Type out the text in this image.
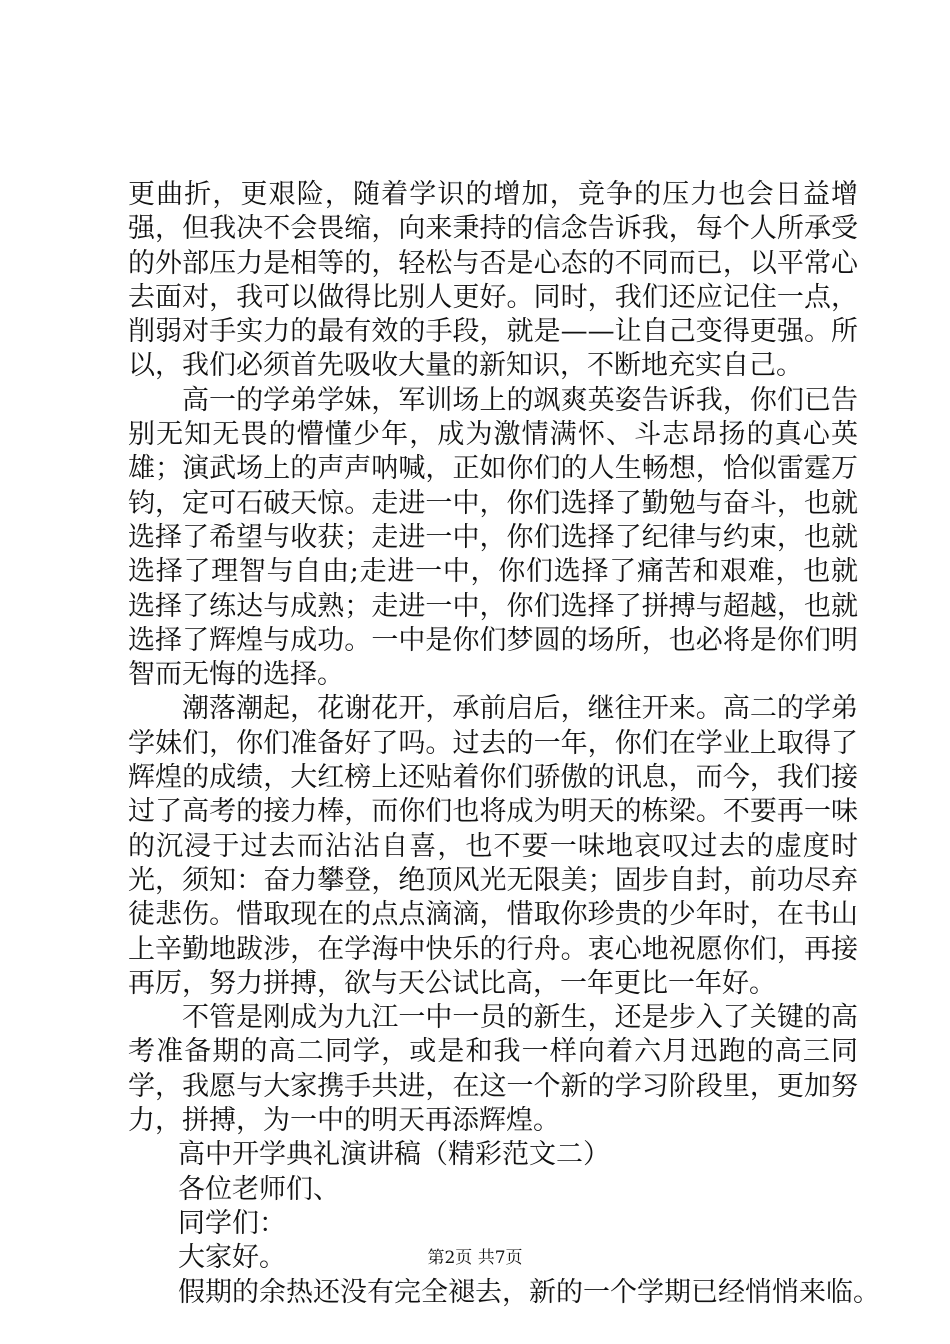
更曲折，更艰险，随着学识的增加，竞争的压力也会日益增强，但我决不会畏缩，向来秉持的信念告诉我，每个人所承受的外部压力是相等的，轻松与否是心态的不同而已，以平常心去面对，我可以做得比别人更好。同时，我们还应记住一点，削弱对手实力的最有效的手段，就是——让自己变得更强。所以，我们必须首先吸收大量的新知识，不断地充实自己。

高一的学弟学妹，军训场上的飒爽英姿告诉我，你们已告别无知无畏的懵懂少年，成为激情满怀、斗志昂扬的真心英雄；演武场上的声声呐喊，正如你们的人生畅想，恰似雷霆万钧，定可石破天惊。走进一中，你们选择了勤勉与奋斗，也就选择了希望与收获；走进一中，你们选择了纪律与约束，也就选择了理智与自由;走进一中，你们选择了痛苦和艰难，也就选择了练达与成熟；走进一中，你们选择了拼搏与超越，也就选择了辉煌与成功。一中是你们梦圆的场所，也必将是你们明智而无悔的选择。

潮落潮起，花谢花开，承前启后，继往开来。高二的学弟学妹们，你们准备好了吗。过去的一年，你们在学业上取得了辉煌的成绩，大红榜上还贴着你们骄傲的讯息，而今，我们接过了高考的接力棒，而你们也将成为明天的栋梁。不要再一味的沉浸于过去而沾沾自喜，也不要一味地哀叹过去的虚度时光，须知：奋力攀登，绝顶风光无限美；固步自封，前功尽弃徒悲伤。惜取现在的点点滴滴，惜取你珍贵的少年时，在书山上辛勤地跋涉，在学海中快乐的行舟。衷心地祝愿你们，再接再厉，努力拼搏，欲与天公试比高，一年更比一年好。

不管是刚成为九江一中一员的新生，还是步入了关键的高考准备期的高二同学，或是和我一样向着六月迅跑的高三同学，我愿与大家携手共进，在这一个新的学习阶段里，更加努力，拼搏，为一中的明天再添辉煌。

高中开学典礼演讲稿（精彩范文二）

各位老师们、

同学们：

大家好。

假期的余热还没有完全褪去，新的一个学期已经悄悄来临。

第2页 共7页
